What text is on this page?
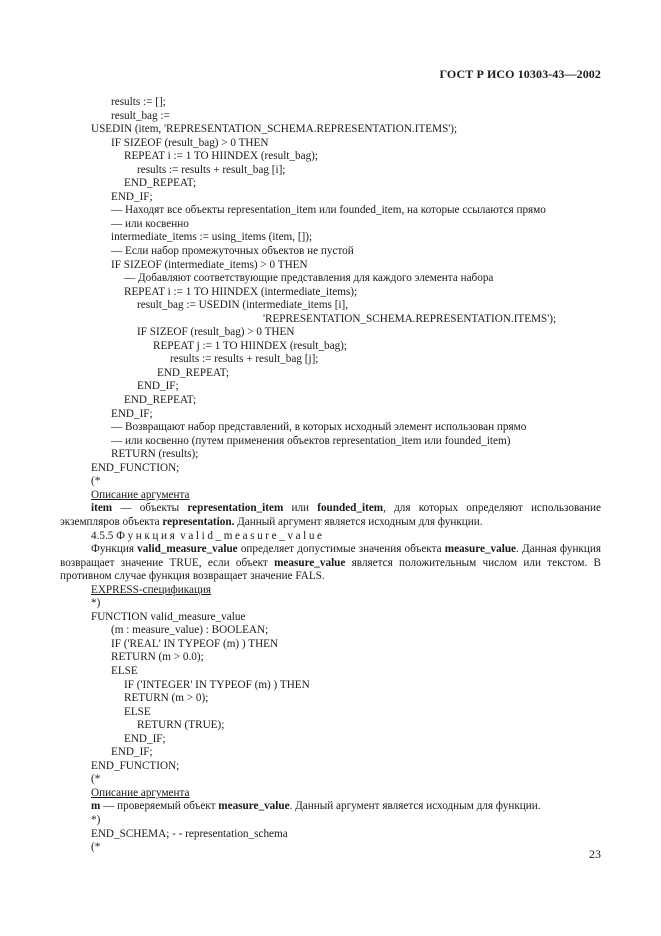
ГОСТ Р ИСО 10303-43—2002
results := [];
result_bag :=
USEDIN (item, 'REPRESENTATION_SCHEMA.REPRESENTATION.ITEMS');
IF SIZEOF (result_bag) > 0 THEN
REPEAT i := 1 TO HIINDEX (result_bag);
results := results + result_bag [i];
END_REPEAT;
END_IF;
— Находят все объекты representation_item или founded_item, на которые ссылаются прямо
— или косвенно
intermediate_items := using_items (item, []);
— Если набор промежуточных объектов не пустой
IF SIZEOF (intermediate_items) > 0 THEN
— Добавляют соответствующие представления для каждого элемента набора
REPEAT i := 1 TO HIINDEX (intermediate_items);
result_bag := USEDIN (intermediate_items [i],
'REPRESENTATION_SCHEMA.REPRESENTATION.ITEMS');
IF SIZEOF (result_bag) > 0 THEN
REPEAT j := 1 TO HIINDEX (result_bag);
results := results + result_bag [j];
END_REPEAT;
END_IF;
END_REPEAT;
END_IF;
— Возвращают набор представлений, в которых исходный элемент использован прямо
— или косвенно (путем применения объектов representation_item или founded_item)
RETURN (results);
END_FUNCTION;
(*
Описание аргумента
item — объекты representation_item или founded_item, для которых определяют использование экземпляров объекта representation. Данный аргумент является исходным для функции.
4.5.5 Функция valid_measure_value
Функция valid_measure_value определяет допустимые значения объекта measure_value. Данная функция возвращает значение TRUE, если объект measure_value является положительным числом или текстом. В противном случае функция возвращает значение FALS.
EXPRESS-спецификация
*)
FUNCTION valid_measure_value
(m : measure_value) : BOOLEAN;
IF ('REAL' IN TYPEOF (m) ) THEN
RETURN (m > 0.0);
ELSE
IF ('INTEGER' IN TYPEOF (m) ) THEN
RETURN (m > 0);
ELSE
RETURN (TRUE);
END_IF;
END_IF;
END_FUNCTION;
(*
Описание аргумента
m — проверяемый объект measure_value. Данный аргумент является исходным для функции.
*)
END_SCHEMA; - - representation_schema
(*	23
